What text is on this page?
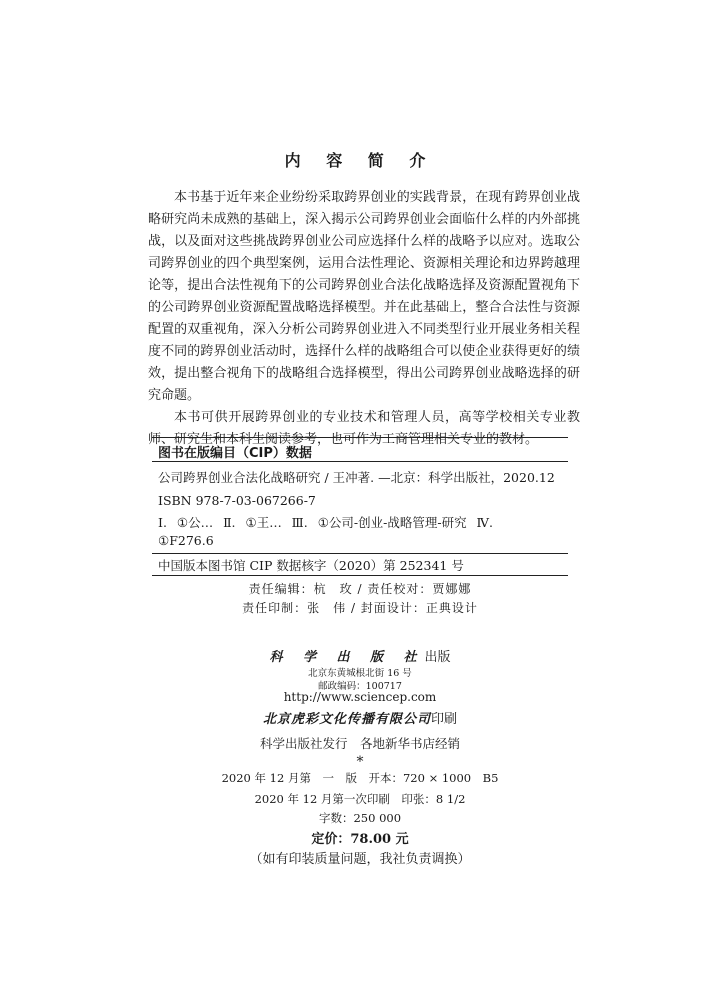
内 容 简 介

本书基于近年来企业纷纷采取跨界创业的实践背景，在现有跨界创业战略研究尚未成熟的基础上，深入揭示公司跨界创业会面临什么样的内外部挑战，以及面对这些挑战跨界创业公司应选择什么样的战略予以应对。选取公司跨界创业的四个典型案例，运用合法性理论、资源相关理论和边界跨越理论等，提出合法性视角下的公司跨界创业合法化战略选择及资源配置视角下的公司跨界创业资源配置战略选择模型。并在此基础上，整合合法性与资源配置的双重视角，深入分析公司跨界创业进入不同类型行业开展业务相关程度不同的跨界创业活动时，选择什么样的战略组合可以使企业获得更好的绩效，提出整合视角下的战略组合选择模型，得出公司跨界创业战略选择的研究命题。

本书可供开展跨界创业的专业技术和管理人员，高等学校相关专业教师、研究生和本科生阅读参考，也可作为工商管理相关专业的教材。

图书在版编目（CIP）数据
公司跨界创业合法化战略研究 / 王冲著. —北京：科学出版社，2020.12
ISBN 978-7-03-067266-7
Ⅰ. ①公… Ⅱ. ①王… Ⅲ. ①公司-创业-战略管理-研究 Ⅳ.
①F276.6
中国版本图书馆 CIP 数据核字（2020）第 252341 号
责任编辑：杭　玫 / 责任校对：贾娜娜
责任印制：张　伟 / 封面设计：正典设计
科 学 出 版 社出版
北京东黄城根北街 16 号
邮政编码：100717
http://www.sciencep.com
北京虎彩文化传播有限公司印刷
科学出版社发行　各地新华书店经销
*
2020 年 12 月第　一　版　开本：720 × 1000　B5
2020 年 12 月第一次印刷　印张：8 1/2
字数：250 000
定价：78.00 元
（如有印装质量问题，我社负责调换）
